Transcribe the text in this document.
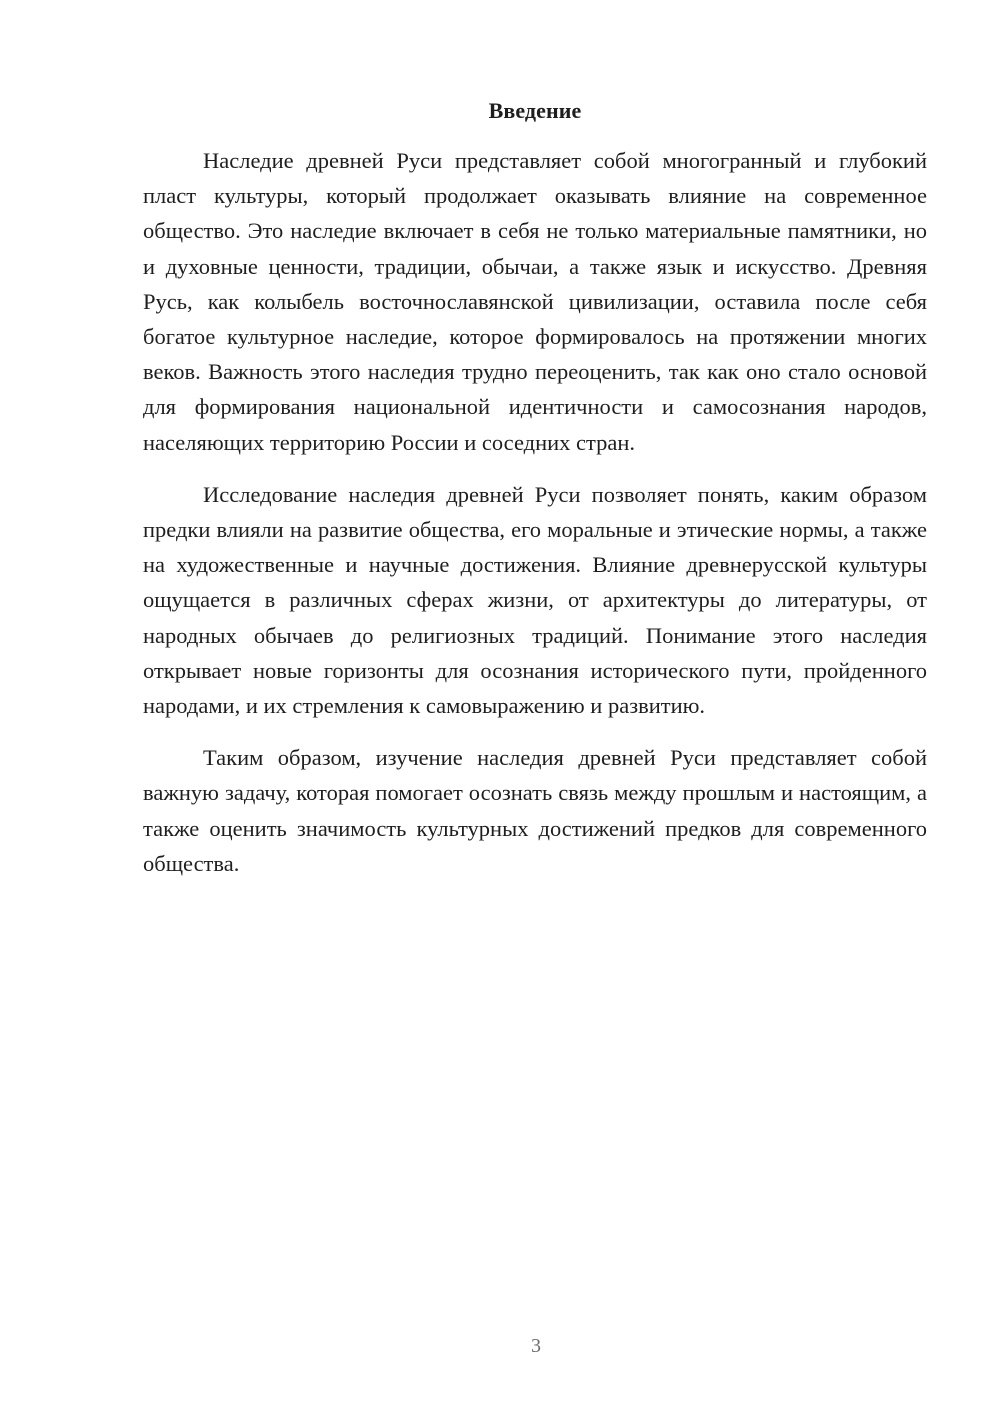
Введение

Наследие древней Руси представляет собой многогранный и глубокий пласт культуры, который продолжает оказывать влияние на современное общество. Это наследие включает в себя не только материальные памятники, но и духовные ценности, традиции, обычаи, а также язык и искусство. Древняя Русь, как колыбель восточнославянской цивилизации, оставила после себя богатое культурное наследие, которое формировалось на протяжении многих веков. Важность этого наследия трудно переоценить, так как оно стало основой для формирования национальной идентичности и самосознания народов, населяющих территорию России и соседних стран.

Исследование наследия древней Руси позволяет понять, каким образом предки влияли на развитие общества, его моральные и этические нормы, а также на художественные и научные достижения. Влияние древнерусской культуры ощущается в различных сферах жизни, от архитектуры до литературы, от народных обычаев до религиозных традиций. Понимание этого наследия открывает новые горизонты для осознания исторического пути, пройденного народами, и их стремления к самовыражению и развитию.

Таким образом, изучение наследия древней Руси представляет собой важную задачу, которая помогает осознать связь между прошлым и настоящим, а также оценить значимость культурных достижений предков для современного общества.

3
